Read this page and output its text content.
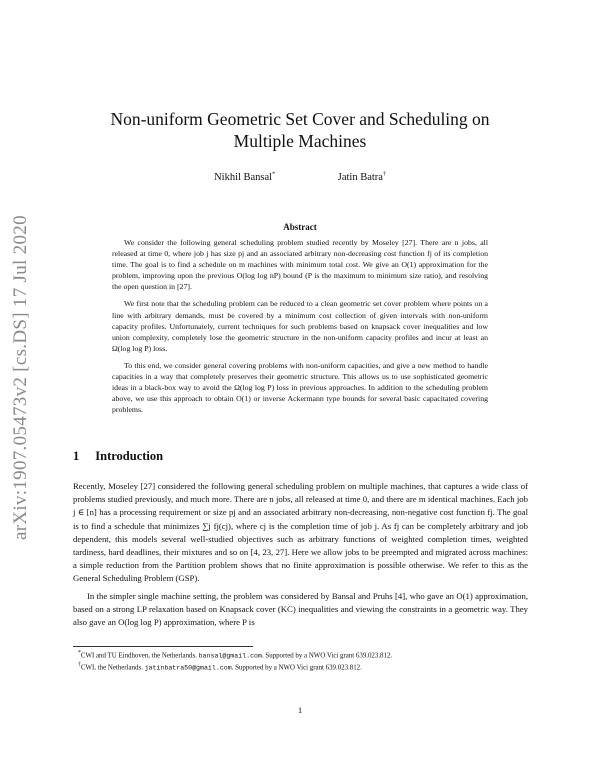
arXiv:1907.05473v2 [cs.DS] 17 Jul 2020
Non-uniform Geometric Set Cover and Scheduling on Multiple Machines
Nikhil Bansal*	Jatin Batra†
Abstract

We consider the following general scheduling problem studied recently by Moseley [27]. There are n jobs, all released at time 0, where job j has size pj and an associated arbitrary non-decreasing cost function fj of its completion time. The goal is to find a schedule on m machines with minimum total cost. We give an O(1) approximation for the problem, improving upon the previous O(log log nP) bound (P is the maximum to minimum size ratio), and resolving the open question in [27].

We first note that the scheduling problem can be reduced to a clean geometric set cover problem where points on a line with arbitrary demands, must be covered by a minimum cost collection of given intervals with non-uniform capacity profiles. Unfortunately, current techniques for such problems based on knapsack cover inequalities and low union complexity, completely lose the geometric structure in the non-uniform capacity profiles and incur at least an Ω(log log P) loss.

To this end, we consider general covering problems with non-uniform capacities, and give a new method to handle capacities in a way that completely preserves their geometric structure. This allows us to use sophisticated geometric ideas in a black-box way to avoid the Ω(log log P) loss in previous approaches. In addition to the scheduling problem above, we use this approach to obtain O(1) or inverse Ackermann type bounds for several basic capacitated covering problems.

1 Introduction

Recently, Moseley [27] considered the following general scheduling problem on multiple machines, that captures a wide class of problems studied previously, and much more. There are n jobs, all released at time 0, and there are m identical machines. Each job j ∈ [n] has a processing requirement or size pj and an associated arbitrary non-decreasing, non-negative cost function fj. The goal is to find a schedule that minimizes ∑j fj(cj), where cj is the completion time of job j. As fj can be completely arbitrary and job dependent, this models several well-studied objectives such as arbitrary functions of weighted completion times, weighted tardiness, hard deadlines, their mixtures and so on [4, 23, 27]. Here we allow jobs to be preempted and migrated across machines: a simple reduction from the Partition problem shows that no finite approximation is possible otherwise. We refer to this as the General Scheduling Problem (GSP).

In the simpler single machine setting, the problem was considered by Bansal and Pruhs [4], who gave an O(1) approximation, based on a strong LP relaxation based on Knapsack cover (KC) inequalities and viewing the constraints in a geometric way. They also gave an O(log log P) approximation, where P is

*CWI and TU Eindhoven, the Netherlands. bansal@gmail.com. Supported by a NWO Vici grant 639.023.812.
†CWI, the Netherlands. jatinbatra50@gmail.com. Supported by a NWO Vici grant 639.023.812.
1
